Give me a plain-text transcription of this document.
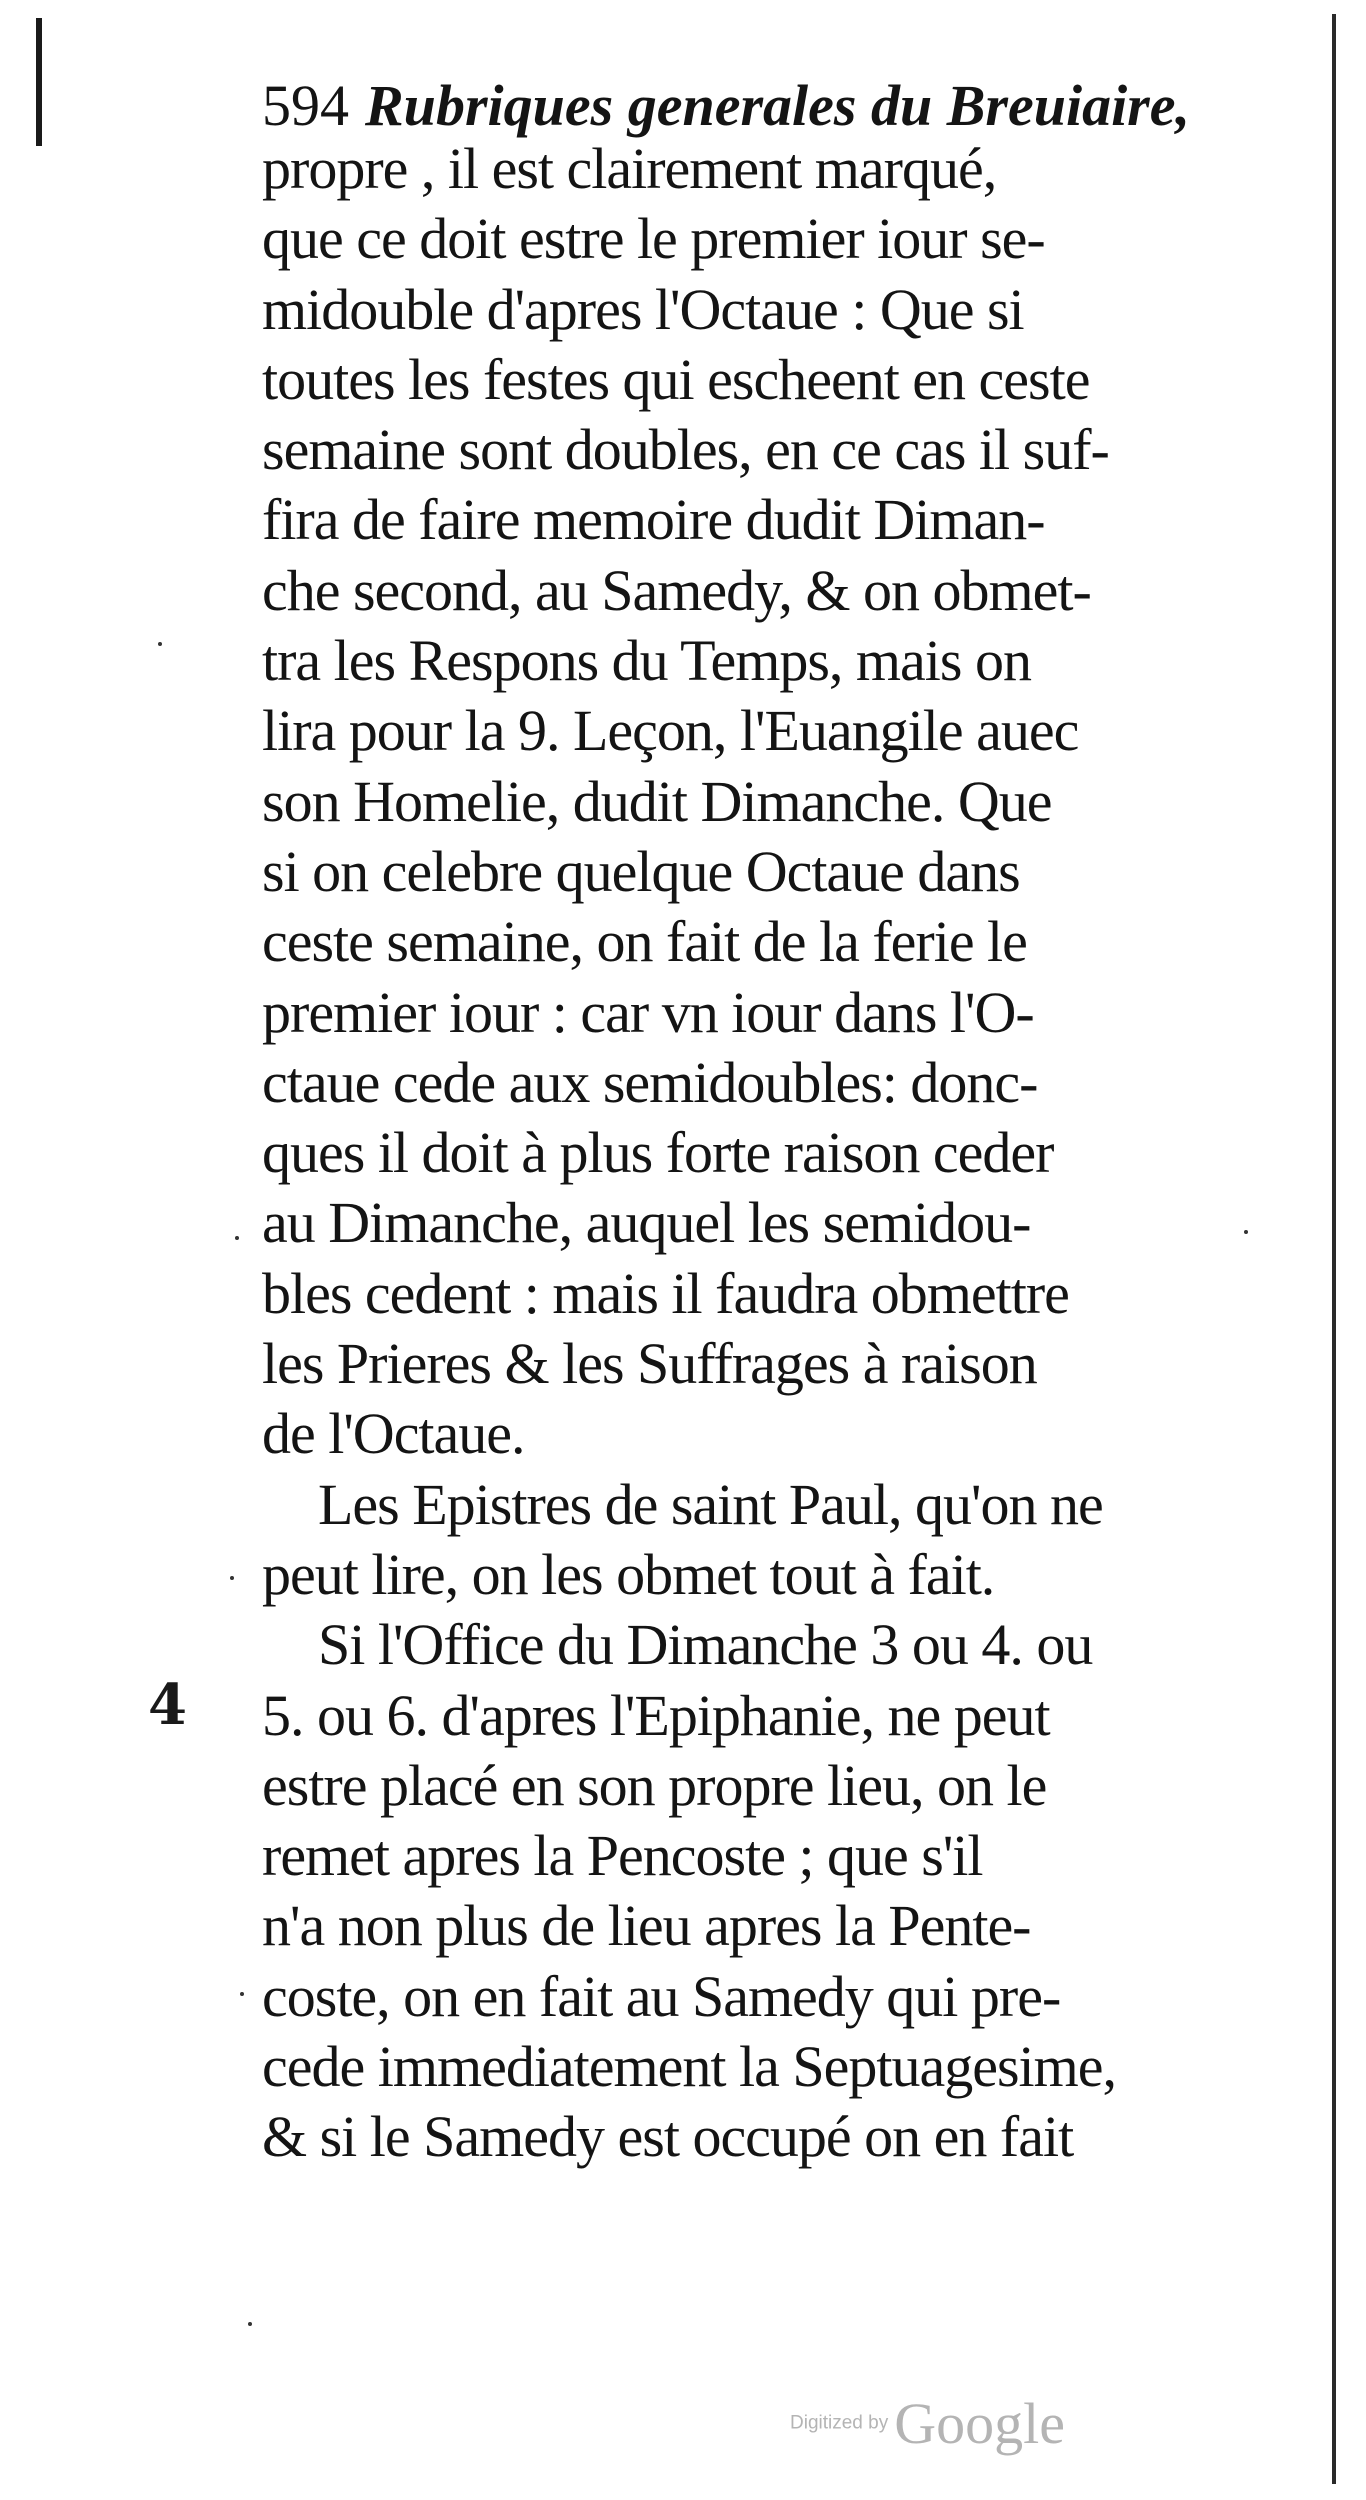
594 Rubriques generales du Breuiaire,
propre , il est clairement marqué,
que ce doit estre le premier iour se-
midouble d'apres l'Octaue : Que si
toutes les festes qui escheent en ceste
semaine sont doubles, en ce cas il suf-
fira de faire memoire dudit Diman-
che second, au Samedy, & on obmet-
tra les Respons du Temps, mais on
lira pour la 9. Leçon, l'Euangile auec
son Homelie, dudit Dimanche. Que
si on celebre quelque Octaue dans
ceste semaine, on fait de la ferie le
premier iour : car vn iour dans l'O-
ctaue cede aux semidoubles: donc-
ques il doit à plus forte raison ceder
au Dimanche, auquel les semidou-
bles cedent : mais il faudra obmettre
les Prieres & les Suffrages à raison
de l'Octaue.
Les Epistres de saint Paul, qu'on ne
peut lire, on les obmet tout à fait.
Si l'Office du Dimanche 3 ou 4. ou
5. ou 6. d'apres l'Epiphanie, ne peut
estre placé en son propre lieu, on le
remet apres la Pencoste ; que s'il
n'a non plus de lieu apres la Pente-
coste, on en fait au Samedy qui pre-
cede immediatement la Septuagesime,
& si le Samedy est occupé on en fait
4
Digitized by Google
